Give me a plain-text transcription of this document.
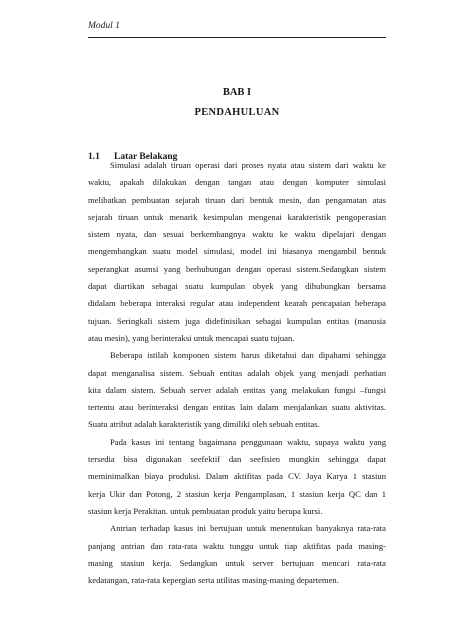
Modul 1
BAB I
PENDAHULUAN
1.1 Latar Belakang
Simulasi adalah tiruan operasi dari proses nyata atau sistem dari waktu ke
waktu, apakah dilakukan dengan tangan atau dengan komputer simulasi
melibatkan pembuatan sejarah tiruan dari bentuk mesin, dan pengamatan atas
sejarah tiruan untuk menarik kesimpulan mengenai karakteristik pengoperasian
sistem nyata, dan sesuai berkembangnya waktu ke waktu dipelajari dengan
mengembangkan suatu model simulasi, model ini biasanya mengambil bentuk
seperangkat asumsi yang berhubungan dengan operasi sistem.Sedangkan sistem
dapat diartikan sebagai suatu kumpulan obyek yang dihubungkan bersama
didalam beberapa interaksi regular atau independent kearah pencapaian beberapa
tujuan. Seringkali sistem juga didefinisikan sebagai kumpulan entitas (manusia
atau mesin), yang berinteraksi untuk mencapai suatu tujuan.
Beberapa istilah komponen sistem harus diketahui dan dipahami sehingga
dapat menganalisa sistem. Sebuah entitas adalah objek yang menjadi perhatian
kita dalam sistem. Sebuah server adalah entitas yang melakukan fungsi –fungsi
tertentu atau berinteraksi dengan entitas lain dalam menjalankan suatu aktivitas.
Suatu atribut adalah karakteristik yang dimiliki oleh sebuah entitas.
Pada kasus ini tentang bagaimana penggunaan waktu, supaya waktu yang
tersedia bisa digunakan seefektif dan seefisien mungkin sehingga dapat
meminimalkan biaya produksi. Dalam aktifitas pada CV. Jaya Karya 1 stasiun
kerja Ukir dan Potong, 2 stasiun kerja Pengamplasan, 1 stasiun kerja QC dan 1
stasiun kerja Perakitan. untuk pembuatan produk yaitu berupa kursi.
Antrian terhadap kasus ini bertujuan untuk menentukan banyaknya rata-rata
panjang antrian dan rata-rata waktu tunggu untuk tiap aktifitas pada masing-
masing stasiun kerja. Sedangkan untuk server bertujuan mencari rata-rata
kedatangan, rata-rata kepergian serta utilitas masing-masing departemen.
